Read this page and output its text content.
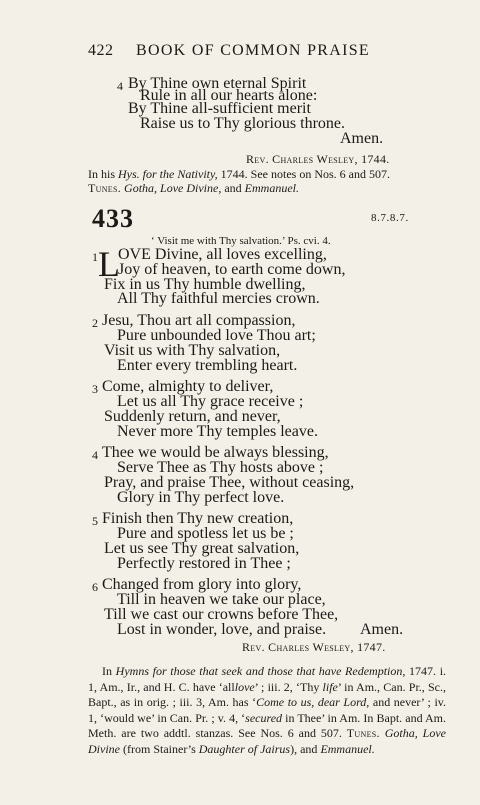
422 BOOK OF COMMON PRAISE
4 By Thine own eternal Spirit
Rule in all our hearts alone:
By Thine all-sufficient merit
Raise us to Thy glorious throne.
Amen.
Rev. Charles Wesley, 1744.
In his Hys. for the Nativity, 1744. See notes on Nos. 6 and 507.
Tunes. Gotha, Love Divine, and Emmanuel.
433	8.7.8.7.
‘ Visit me with Thy salvation.’ Ps. cvi. 4.
1 L
OVE Divine, all loves excelling,
Joy of heaven, to earth come down,
Fix in us Thy humble dwelling,
All Thy faithful mercies crown.
2 Jesu, Thou art all compassion,
Pure unbounded love Thou art;
Visit us with Thy salvation,
Enter every trembling heart.
3 Come, almighty to deliver,
Let us all Thy grace receive ;
Suddenly return, and never,
Never more Thy temples leave.
4 Thee we would be always blessing,
Serve Thee as Thy hosts above ;
Pray, and praise Thee, without ceasing,
Glory in Thy perfect love.
5 Finish then Thy new creation,
Pure and spotless let us be ;
Let us see Thy great salvation,
Perfectly restored in Thee ;
6 Changed from glory into glory,
Till in heaven we take our place,
Till we cast our crowns before Thee,
Lost in wonder, love, and praise. Amen.
Rev. Charles Wesley, 1747.
In Hymns for those that seek and those that have Redemption, 1747. i. 1, Am., Ir., and H. C. have ‘alllove’ ; iii. 2, ‘Thy life’ in Am., Can. Pr., Sc., Bapt., as in orig. ; iii. 3, Am. has ‘Come to us, dear Lord, and never’ ; iv. 1, ‘would we’ in Can. Pr. ; v. 4, ‘secured in Thee’ in Am. In Bapt. and Am. Meth. are two addtl. stanzas. See Nos. 6 and 507. Tunes. Gotha, Love Divine (from Stainer’s Daughter of Jairus), and Emmanuel.
